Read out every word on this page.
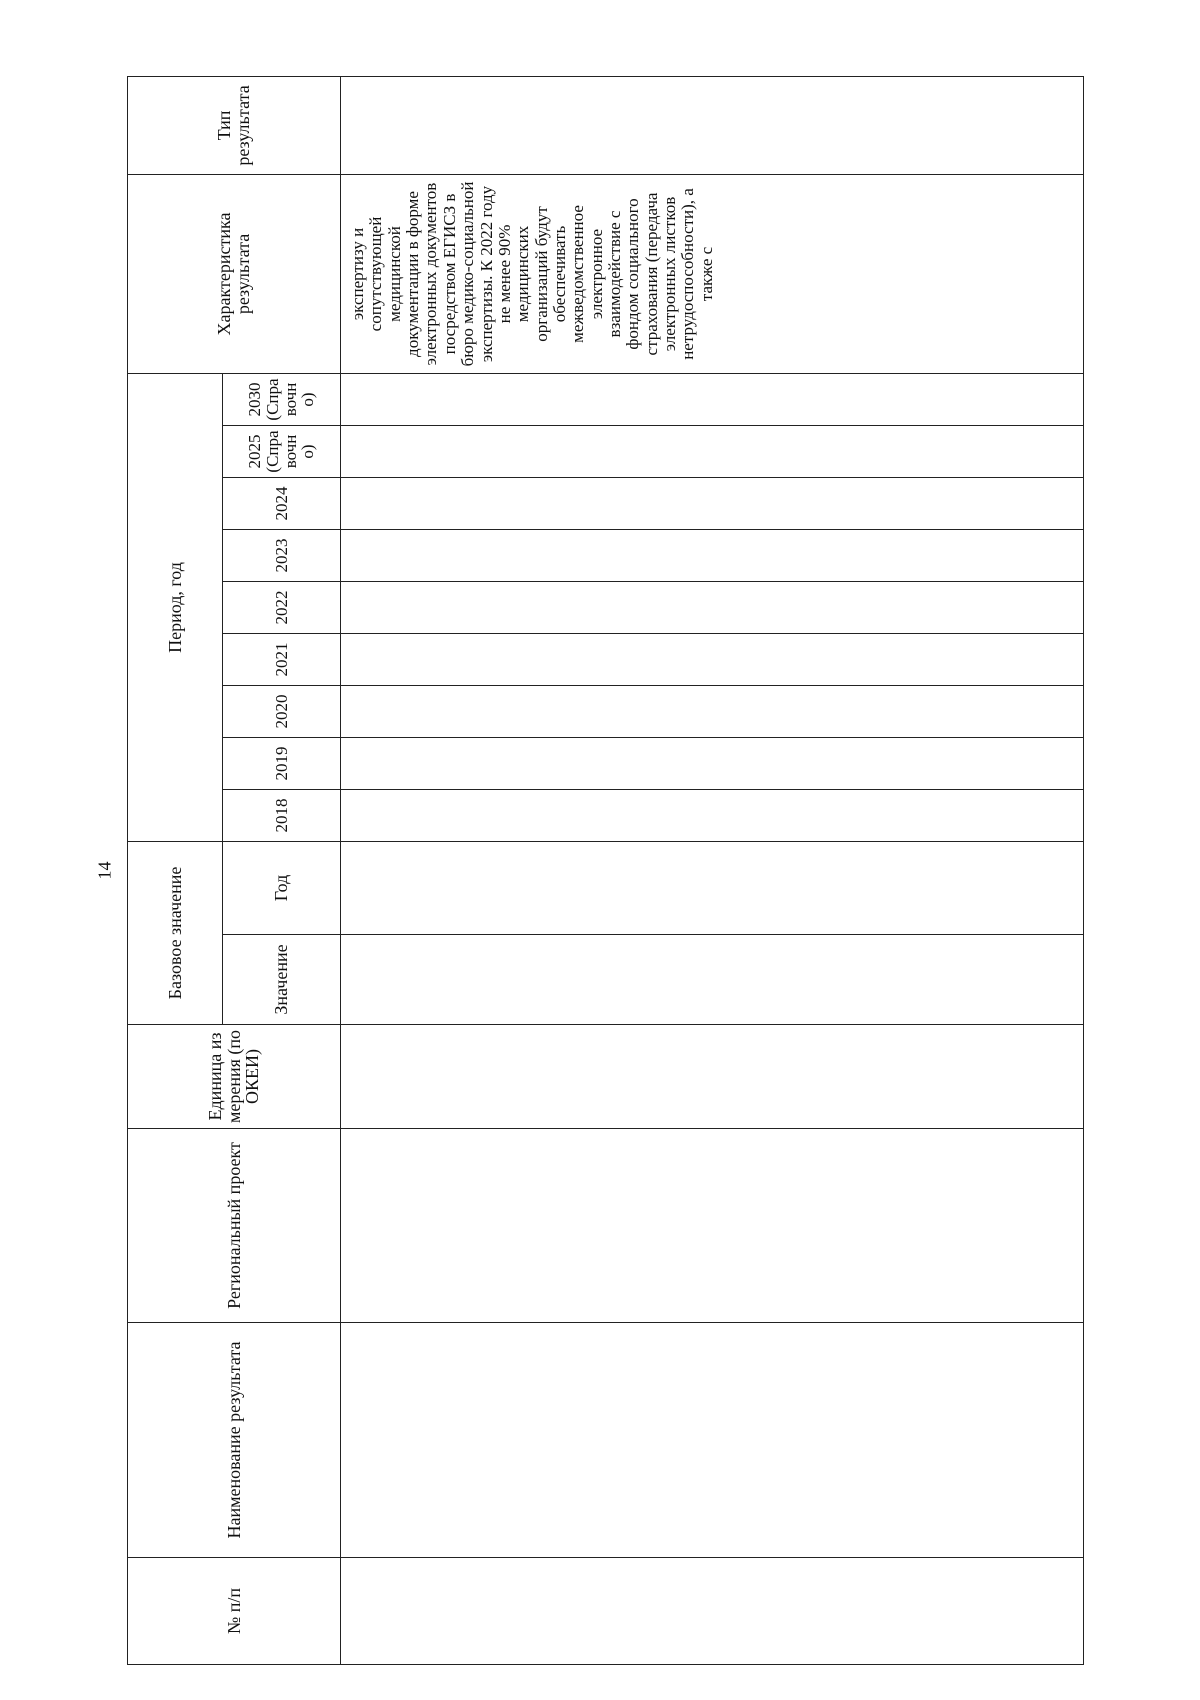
14
№ п/п	Наименование результата	Региональный проект	Единица измерения (по ОКЕИ)	Базовое значение		Период, год									Характеристика результата	Тип результата
				Значение	Год	2018	2019	2020	2021	2022	2023	2024	2025 (Справочно)	2030 (Справочно)		
															экспертизу и сопутствующей медицинской документации в форме электронных документов посредством ЕГИСЗ в бюро медико-социальной экспертизы. К 2022 году не менее 90% медицинских организаций будут обеспечивать межведомственное электронное взаимодействие с фондом социального страхования (передача электронных листков нетрудоспособности), а также с	
